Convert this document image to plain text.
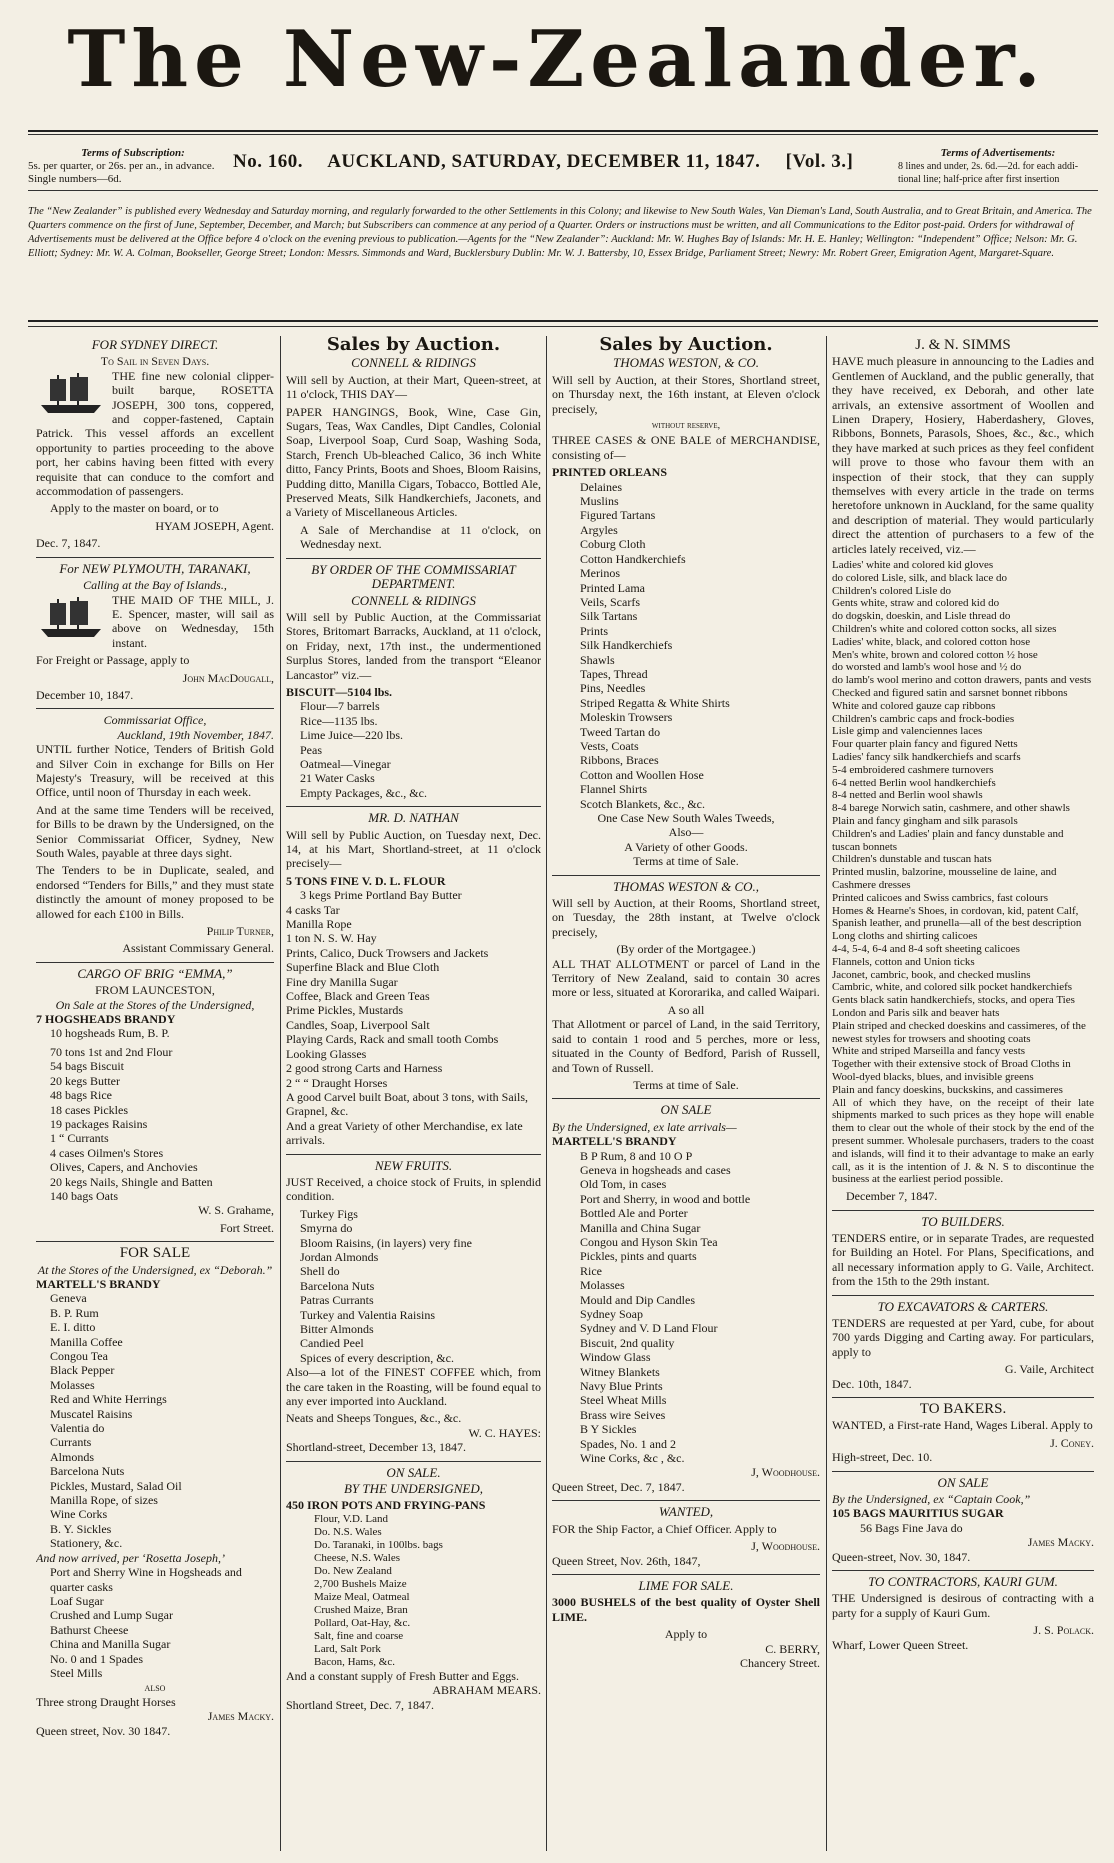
The New-Zealander.
Terms of Subscription:
5s. per quarter, or 26s. per an., in advance.
Single numbers—6d.
No. 160. AUCKLAND, SATURDAY, DECEMBER 11, 1847. [Vol. 3.]	Terms of Advertisements:
8 lines and under, 2s. 6d.—2d. for each addi-
tional line; half-price after first insertion
The “New Zealander” is published every Wednesday and Saturday morning, and regularly forwarded to the other Settlements in this Colony; and likewise to New South Wales, Van Dieman's Land, South Australia, and to Great Britain, and America. The Quarters commence on the first of June, September, December, and March; but Subscribers can commence at any period of a Quarter. Orders or instructions must be written, and all Communications to the Editor post-paid. Orders for withdrawal of Advertisements must be delivered at the Office before 4 o'clock on the evening previous to publication.—Agents for the “New Zealander”: Auckland: Mr. W. Hughes Bay of Islands: Mr. H. E. Hanley; Wellington: “Independent” Office; Nelson: Mr. G. Elliott; Sydney: Mr. W. A. Colman, Bookseller, George Street; London: Messrs. Simmonds and Ward, Bucklersbury Dublin: Mr. W. J. Battersby, 10, Essex Bridge, Parliament Street; Newry: Mr. Robert Greer, Emigration Agent, Margaret-Square.
FOR SYDNEY DIRECT.
To Sail in Seven Days.

THE fine new colonial clipper-built barque, ROSETTA JOSEPH, 300 tons, coppered, and copper-fastened, Captain Patrick. This vessel affords an excellent opportunity to parties proceeding to the above port, her cabins having been fitted with every requisite that can conduce to the comfort and accommodation of passengers.

Apply to the master on board, or to

HYAM JOSEPH, Agent.

Dec. 7, 1847.

For NEW PLYMOUTH, TARANAKI,
Calling at the Bay of Islands.,

THE MAID OF THE MILL, J. E. Spencer, master, will sail as above on Wednesday, 15th instant.

For Freight or Passage, apply to

John MacDougall,

December 10, 1847.

Commissariat Office,
Auckland, 19th November, 1847.

UNTIL further Notice, Tenders of British Gold and Silver Coin in exchange for Bills on Her Majesty's Treasury, will be received at this Office, until noon of Thursday in each week.

And at the same time Tenders will be received, for Bills to be drawn by the Undersigned, on the Senior Commissariat Officer, Sydney, New South Wales, payable at three days sight.

The Tenders to be in Duplicate, sealed, and endorsed “Tenders for Bills,” and they must state distinctly the amount of money proposed to be allowed for each £100 in Bills.

Philip Turner,

Assistant Commissary General.

CARGO OF BRIG “EMMA,”
FROM LAUNCESTON,
On Sale at the Stores of the Undersigned,
7 HOGSHEADS BRANDY
10 hogsheads Rum, B. P.
70 tons 1st and 2nd Flour
54 bags Biscuit
20 kegs Butter
48 bags Rice
18 cases Pickles
19 packages Raisins
1 “ Currants
4 cases Oilmen's Stores
Olives, Capers, and Anchovies
20 kegs Nails, Shingle and Batten
140 bags Oats

W. S. Grahame,

Fort Street.

FOR SALE
At the Stores of the Undersigned, ex “Deborah.”
MARTELL'S BRANDY
Geneva
B. P. Rum
E. I. ditto
Manilla Coffee
Congou Tea
Black Pepper
Molasses
Red and White Herrings
Muscatel Raisins
Valentia do
Currants
Almonds
Barcelona Nuts
Pickles, Mustard, Salad Oil
Manilla Rope, of sizes
Wine Corks
B. Y. Sickles
Stationery, &c.
And now arrived, per ‘Rosetta Joseph,’
Port and Sherry Wine in Hogsheads and quarter casks
Loaf Sugar
Crushed and Lump Sugar
Bathurst Cheese
China and Manilla Sugar
No. 0 and 1 Spades
Steel Mills
also
Three strong Draught Horses
James Macky.
Queen street, Nov. 30 1847.
Sales by Auction.
CONNELL & RIDINGS

Will sell by Auction, at their Mart, Queen-street, at 11 o'clock, THIS DAY—

PAPER HANGINGS, Book, Wine, Case Gin, Sugars, Teas, Wax Candles, Dipt Candles, Colonial Soap, Liverpool Soap, Curd Soap, Washing Soda, Starch, French Ub-bleached Calico, 36 inch White ditto, Fancy Prints, Boots and Shoes, Bloom Raisins, Pudding ditto, Manilla Cigars, Tobacco, Bottled Ale, Preserved Meats, Silk Handkerchiefs, Jaconets, and a Variety of Miscellaneous Articles.

A Sale of Merchandise at 11 o'clock, on Wednesday next.

BY ORDER OF THE COMMISSARIAT DEPARTMENT.
CONNELL & RIDINGS

Will sell by Public Auction, at the Commissariat Stores, Britomart Barracks, Auckland, at 11 o'clock, on Friday, next, 17th inst., the undermentioned Surplus Stores, landed from the transport “Eleanor Lancastor” viz.—

BISCUIT—5104 lbs.
Flour—7 barrels
Rice—1135 lbs.
Lime Juice—220 lbs.
Peas
Oatmeal—Vinegar
21 Water Casks
Empty Packages, &c., &c.
MR. D. NATHAN

Will sell by Public Auction, on Tuesday next, Dec. 14, at his Mart, Shortland-street, at 11 o'clock precisely—

5 TONS FINE V. D. L. FLOUR
3 kegs Prime Portland Bay Butter
4 casks Tar
Manilla Rope
1 ton N. S. W. Hay
Prints, Calico, Duck Trowsers and Jackets
Superfine Black and Blue Cloth
Fine dry Manilla Sugar
Coffee, Black and Green Teas
Prime Pickles, Mustards
Candles, Soap, Liverpool Salt
Playing Cards, Rack and small tooth Combs
Looking Glasses
2 good strong Carts and Harness
2 “ “ Draught Horses
A good Carvel built Boat, about 3 tons, with Sails, Grapnel, &c.
And a great Variety of other Merchandise, ex late arrivals.
NEW FRUITS.

JUST Received, a choice stock of Fruits, in splendid condition.

Turkey Figs
Smyrna do
Bloom Raisins, (in layers) very fine
Jordan Almonds
Shell do
Barcelona Nuts
Patras Currants
Turkey and Valentia Raisins
Bitter Almonds
Candied Peel
Spices of every description, &c.

Also—a lot of the FINEST COFFEE which, from the care taken in the Roasting, will be found equal to any ever imported into Auckland.

Neats and Sheeps Tongues, &c., &c.
W. C. HAYES:
Shortland-street, December 13, 1847.
ON SALE.
BY THE UNDERSIGNED,
450 IRON POTS AND FRYING-PANS
Flour, V.D. Land
Do. N.S. Wales
Do. Taranaki, in 100lbs. bags
Cheese, N.S. Wales
Do. New Zealand
2,700 Bushels Maize
Maize Meal, Oatmeal
Crushed Maize, Bran
Pollard, Oat-Hay, &c.
Salt, fine and coarse
Lard, Salt Pork
Bacon, Hams, &c.
And a constant supply of Fresh Butter and Eggs.
ABRAHAM MEARS.
Shortland Street, Dec. 7, 1847.
Sales by Auction.
THOMAS WESTON, & CO.

Will sell by Auction, at their Stores, Shortland street, on Thursday next, the 16th instant, at Eleven o'clock precisely,

without reserve,

THREE CASES & ONE BALE of MERCHANDISE, consisting of—

PRINTED ORLEANS
Delaines
Muslins
Figured Tartans
Argyles
Coburg Cloth
Cotton Handkerchiefs
Merinos
Printed Lama
Veils, Scarfs
Silk Tartans
Prints
Silk Handkerchiefs
Shawls
Tapes, Thread
Pins, Needles
Striped Regatta & White Shirts
Moleskin Trowsers
Tweed Tartan do
Vests, Coats
Ribbons, Braces
Cotton and Woollen Hose
Flannel Shirts
Scotch Blankets, &c., &c.
One Case New South Wales Tweeds,
Also—
A Variety of other Goods.
Terms at time of Sale.
THOMAS WESTON & CO.,

Will sell by Auction, at their Rooms, Shortland street, on Tuesday, the 28th instant, at Twelve o'clock precisely,

(By order of the Mortgagee.)

ALL THAT ALLOTMENT or parcel of Land in the Territory of New Zealand, said to contain 30 acres more or less, situated at Kororarika, and called Waipari.

A so all

That Allotment or parcel of Land, in the said Territory, said to contain 1 rood and 5 perches, more or less, situated in the County of Bedford, Parish of Russell, and Town of Russell.

Terms at time of Sale.
ON SALE
By the Undersigned, ex late arrivals—
MARTELL'S BRANDY
B P Rum, 8 and 10 O P
Geneva in hogsheads and cases
Old Tom, in cases
Port and Sherry, in wood and bottle
Bottled Ale and Porter
Manilla and China Sugar
Congou and Hyson Skin Tea
Pickles, pints and quarts
Rice
Molasses
Mould and Dip Candles
Sydney Soap
Sydney and V. D Land Flour
Biscuit, 2nd quality
Window Glass
Witney Blankets
Navy Blue Prints
Steel Wheat Mills
Brass wire Seives
B Y Sickles
Spades, No. 1 and 2
Wine Corks, &c , &c.
J, Woodhouse.
Queen Street, Dec. 7, 1847.
WANTED,

FOR the Ship Factor, a Chief Officer. Apply to

J, Woodhouse.
Queen Street, Nov. 26th, 1847,
LIME FOR SALE.

3000 BUSHELS of the best quality of Oyster Shell LIME.

Apply to
C. BERRY,
Chancery Street.
J. & N. SIMMS

HAVE much pleasure in announcing to the Ladies and Gentlemen of Auckland, and the public generally, that they have received, ex Deborah, and other late arrivals, an extensive assortment of Woollen and Linen Drapery, Hosiery, Haberdashery, Gloves, Ribbons, Bonnets, Parasols, Shoes, &c., &c., which they have marked at such prices as they feel confident will prove to those who favour them with an inspection of their stock, that they can supply themselves with every article in the trade on terms heretofore unknown in Auckland, for the same quality and description of material. They would particularly direct the attention of purchasers to a few of the articles lately received, viz.—

Ladies' white and colored kid gloves
do colored Lisle, silk, and black lace do
Children's colored Lisle do
Gents white, straw and colored kid do
do dogskin, doeskin, and Lisle thread do
Children's white and colored cotton socks, all sizes
Ladies' white, black, and colored cotton hose
Men's white, brown and colored cotton ½ hose
do worsted and lamb's wool hose and ½ do
do lamb's wool merino and cotton drawers, pants and vests
Checked and figured satin and sarsnet bonnet ribbons
White and colored gauze cap ribbons
Children's cambric caps and frock-bodies
Lisle gimp and valenciennes laces
Four quarter plain fancy and figured Netts
Ladies' fancy silk handkerchiefs and scarfs
5-4 embroidered cashmere turnovers
6-4 netted Berlin wool handkerchiefs
8-4 netted and Berlin wool shawls
8-4 barege Norwich satin, cashmere, and other shawls
Plain and fancy gingham and silk parasols
Children's and Ladies' plain and fancy dunstable and tuscan bonnets
Children's dunstable and tuscan hats
Printed muslin, balzorine, mousseline de laine, and Cashmere dresses
Printed calicoes and Swiss cambrics, fast colours
Homes & Hearne's Shoes, in cordovan, kid, patent Calf, Spanish leather, and prunella—all of the best description
Long cloths and shirting calicoes
4-4, 5-4, 6-4 and 8-4 soft sheeting calicoes
Flannels, cotton and Union ticks
Jaconet, cambric, book, and checked muslins
Cambric, white, and colored silk pocket handkerchiefs
Gents black satin handkerchiefs, stocks, and opera Ties
London and Paris silk and beaver hats
Plain striped and checked doeskins and cassimeres, of the newest styles for trowsers and shooting coats
White and striped Marseilla and fancy vests
Together with their extensive stock of Broad Cloths in
Wool-dyed blacks, blues, and invisible greens
Plain and fancy doeskins, buckskins, and cassimeres

All of which they have, on the receipt of their late shipments marked to such prices as they hope will enable them to clear out the whole of their stock by the end of the present summer. Wholesale purchasers, traders to the coast and islands, will find it to their advantage to make an early call, as it is the intention of J. & N. S to discontinue the business at the earliest period possible.

December 7, 1847.
TO BUILDERS.

TENDERS entire, or in separate Trades, are requested for Building an Hotel. For Plans, Specifications, and all necessary information apply to G. Vaile, Architect. from the 15th to the 29th instant.

TO EXCAVATORS & CARTERS.

TENDERS are requested at per Yard, cube, for about 700 yards Digging and Carting away. For particulars, apply to

G. Vaile, Architect
Dec. 10th, 1847.
TO BAKERS.

WANTED, a First-rate Hand, Wages Liberal. Apply to

J. Coney.
High-street, Dec. 10.
ON SALE
By the Undersigned, ex “Captain Cook,”
105 BAGS MAURITIUS SUGAR
56 Bags Fine Java do
James Macky.
Queen-street, Nov. 30, 1847.
TO CONTRACTORS, KAURI GUM.

THE Undersigned is desirous of contracting with a party for a supply of Kauri Gum.

J. S. Polack.
Wharf, Lower Queen Street.
